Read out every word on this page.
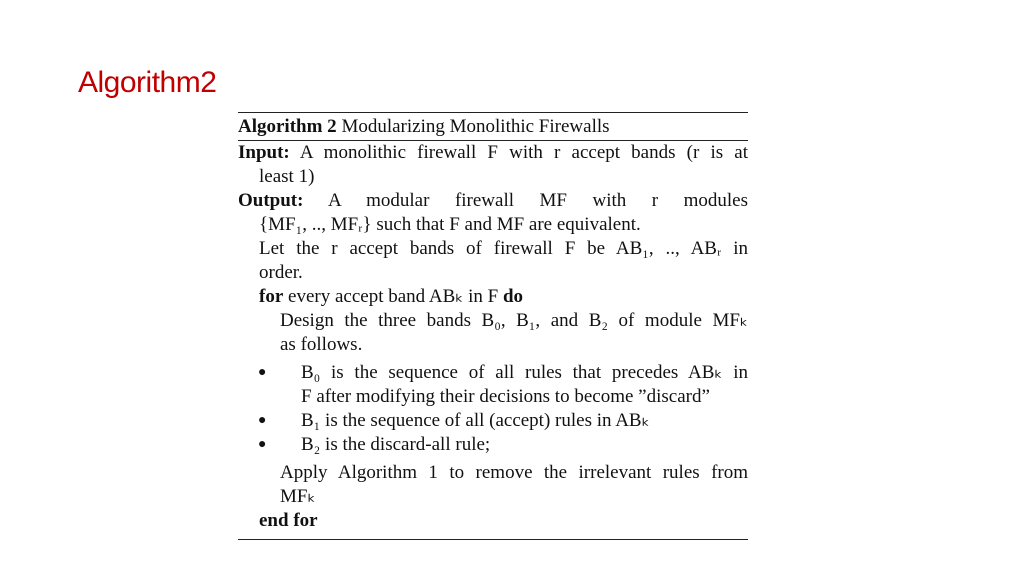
Algorithm2
Algorithm 2 Modularizing Monolithic Firewalls
Input: A monolithic firewall F with r accept bands (r is at
least 1)
Output: A modular firewall MF with r modules
{MF₁, .., MFᵣ} such that F and MF are equivalent.
Let the r accept bands of firewall F be AB₁, .., ABᵣ in
order.
for every accept band ABₖ in F do
Design the three bands B₀, B₁, and B₂ of module MFₖ
as follows.
● B₀ is the sequence of all rules that precedes ABₖ in
F after modifying their decisions to become ”discard”
● B₁ is the sequence of all (accept) rules in ABₖ
● B₂ is the discard-all rule;
Apply Algorithm 1 to remove the irrelevant rules from
MFₖ
end for
